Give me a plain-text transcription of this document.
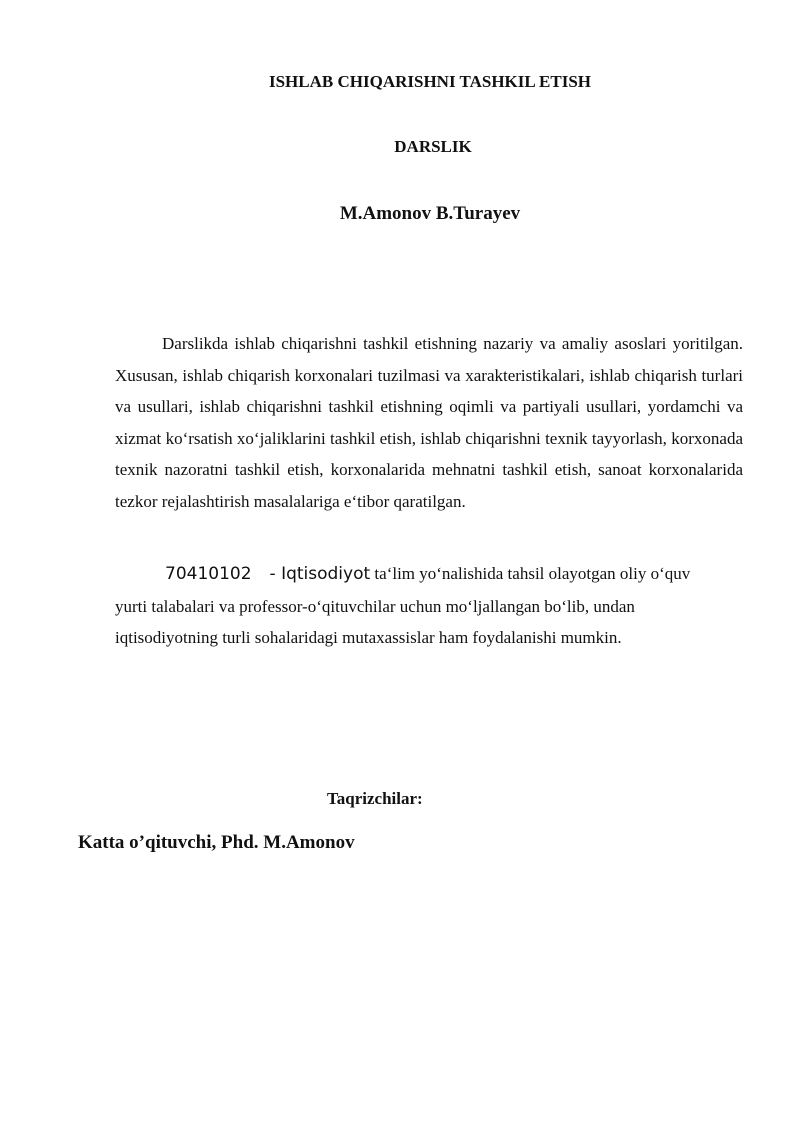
ISHLAB CHIQARISHNI TASHKIL ETISH
DARSLIK
M.Amonov B.Turayev

Darslikda ishlab chiqarishni tashkil etishning nazariy va amaliy asoslari yoritilgan. Xususan, ishlab chiqarish korxonalari tuzilmasi va xarakteristikalari, ishlab chiqarish turlari va usullari, ishlab chiqarishni tashkil etishning oqimli va partiyali usullari, yordamchi va xizmat ko‘rsatish xo‘jaliklarini tashkil etish, ishlab chiqarishni texnik tayyorlash, korxonada texnik nazoratni tashkil etish, korxonalarida mehnatni tashkil etish, sanoat korxonalarida tezkor rejalashtirish masalalariga e‘tibor qaratilgan.

70410102 - Iqtisodiyot ta‘lim yo‘nalishida tahsil olayotgan oliy o‘quv
yurti talabalari va professor-o‘qituvchilar uchun mo‘ljallangan bo‘lib, undan
iqtisodiyotning turli sohalaridagi mutaxassislar ham foydalanishi mumkin.

Taqrizchilar:
Katta o’qituvchi, Phd. M.Amonov
